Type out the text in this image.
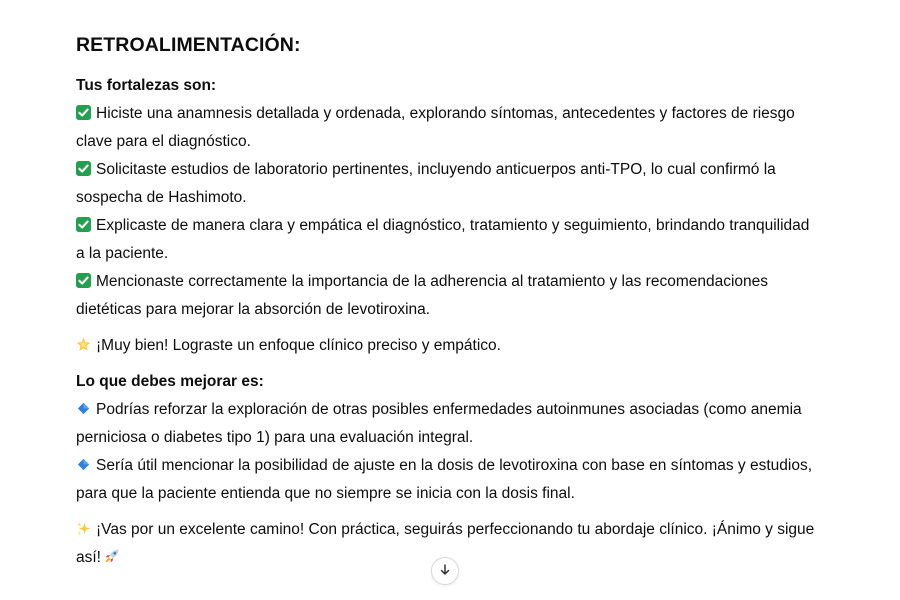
RETROALIMENTACIÓN:

Tus fortalezas son:

Hiciste una anamnesis detallada y ordenada, explorando síntomas, antecedentes y factores de riesgo clave para el diagnóstico.

Solicitaste estudios de laboratorio pertinentes, incluyendo anticuerpos anti-TPO, lo cual confirmó la sospecha de Hashimoto.

Explicaste de manera clara y empática el diagnóstico, tratamiento y seguimiento, brindando tranquilidad a la paciente.

Mencionaste correctamente la importancia de la adherencia al tratamiento y las recomendaciones dietéticas para mejorar la absorción de levotiroxina.

¡Muy bien! Lograste un enfoque clínico preciso y empático.

Lo que debes mejorar es:

Podrías reforzar la exploración de otras posibles enfermedades autoinmunes asociadas (como anemia perniciosa o diabetes tipo 1) para una evaluación integral.

Sería útil mencionar la posibilidad de ajuste en la dosis de levotiroxina con base en síntomas y estudios, para que la paciente entienda que no siempre se inicia con la dosis final.

¡Vas por un excelente camino! Con práctica, seguirás perfeccionando tu abordaje clínico. ¡Ánimo y sigue así!
